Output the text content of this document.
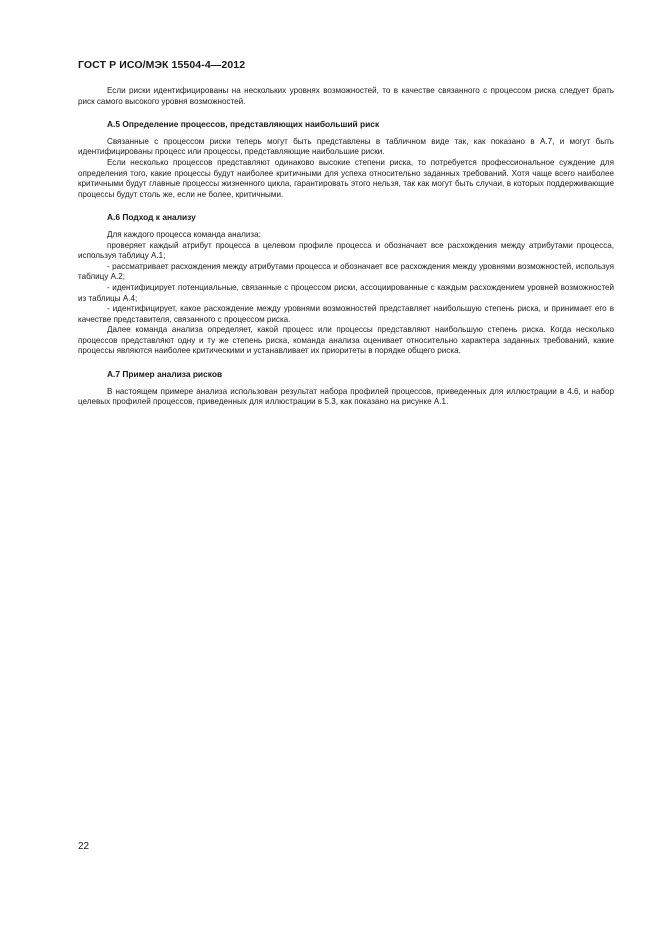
ГОСТ Р ИСО/МЭК 15504-4—2012

Если риски идентифицированы на нескольких уровнях возможностей, то в качестве связанного с процессом риска следует брать риск самого высокого уровня возможностей.

А.5 Определение процессов, представляющих наибольший риск

Связанные с процессом риски теперь могут быть представлены в табличном виде так, как показано в А.7, и могут быть идентифицированы процесс или процессы, представляющие наибольшие риски.

Если несколько процессов представляют одинаково высокие степени риска, то потребуется профессиональное суждение для определения того, какие процессы будут наиболее критичными для успеха относительно заданных требований. Хотя чаще всего наиболее критичными будут главные процессы жизненного цикла, гарантировать этого нельзя, так как могут быть случаи, в которых поддерживающие процессы будут столь же, если не более, критичными.

А.6 Подход к анализу

Для каждого процесса команда анализа:

проверяет каждый атрибут процесса в целевом профиле процесса и обозначает все расхождения между атрибутами процесса, используя таблицу А.1;

- рассматривает расхождения между атрибутами процесса и обозначает все расхождения между уровнями возможностей, используя таблицу А.2;

- идентифицирует потенциальные, связанные с процессом риски, ассоциированные с каждым расхождением уровней возможностей из таблицы А.4;

- идентифицирует, какое расхождение между уровнями возможностей представляет наибольшую степень риска, и принимает его в качестве представителя, связанного с процессом риска.

Далее команда анализа определяет, какой процесс или процессы представляют наибольшую степень риска. Когда несколько процессов представляют одну и ту же степень риска, команда анализа оценивает относительно характера заданных требований, какие процессы являются наиболее критическими и устанавливает их приоритеты в порядке общего риска.

А.7 Пример анализа рисков

В настоящем примере анализа использован результат набора профилей процессов, приведенных для иллюстрации в 4.6, и набор целевых профилей процессов, приведенных для иллюстрации в 5.3, как показано на рисунке А.1.

22
